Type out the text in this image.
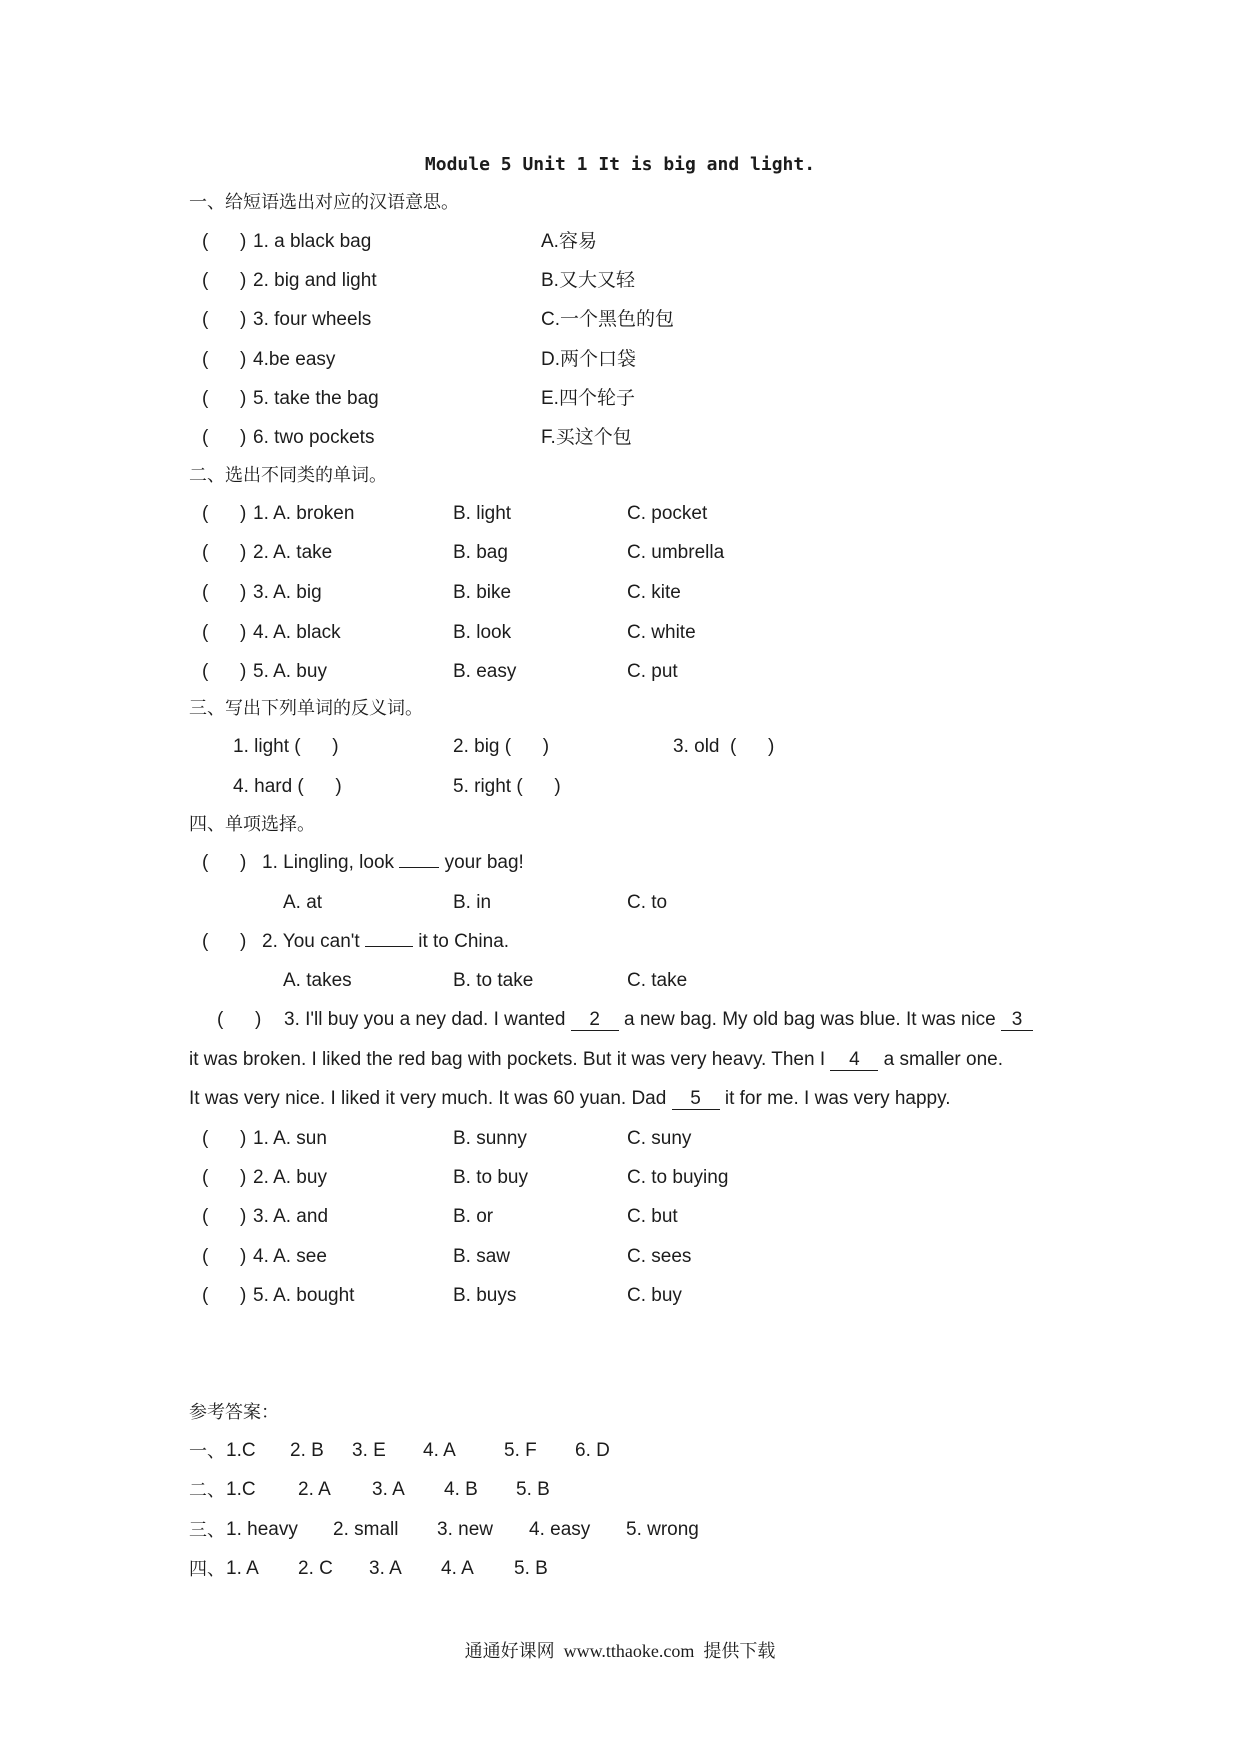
Module 5 Unit 1 It is big and light.
一、给短语选出对应的汉语意思。
(      ) 1. a black bag	A.容易
(      ) 2. big and light	B.又大又轻
(      ) 3. four wheels	C.一个黑色的包
(      ) 4.be easy	D.两个口袋
(      ) 5. take the bag	E.四个轮子
(      ) 6. two pockets	F.买这个包
二、选出不同类的单词。
(      ) 1. A. broken	B. light	C. pocket
(      ) 2. A. take	B. bag	C. umbrella
(      ) 3. A. big	B. bike	C. kite
(      ) 4. A. black	B. look	C. white
(      ) 5. A. buy	B. easy	C. put
三、写出下列单词的反义词。
1. light (      )	2. big (      )	3. old  (      )
4. hard (      )	5. right (      )
四、单项选择。
(      ) 1. Lingling, look  your bag!
A. at	B. in	C. to
(      ) 2. You can't	it to China.
A. takes	B. to take	C. take
(      ) 3. I'll buy you a ney dad. I wanted 2 a new bag. My old bag was blue. It was nice 3
it was broken. I liked the red bag with pockets. But it was very heavy. Then I 4 a smaller one.
It was very nice. I liked it very much. It was 60 yuan. Dad 5 it for me. I was very happy.
(      ) 1. A. sun	B. sunny	C. suny
(      ) 2. A. buy	B. to buy	C. to buying
(      ) 3. A. and	B. or	C. but
(      ) 4. A. see	B. saw	C. sees
(      ) 5. A. bought	B. buys	C. buy
参考答案：
一、 1.C 2. B 3. E 4. A	5. F 6. D
二、 1.C 2. A 3. A 4. B 5. B
三、 1. heavy 2. small 3. new 4. easy 5. wrong
四、 1. A 2. C 3. A 4. A 5. B
通通好课网  www.tthaoke.com  提供下载
